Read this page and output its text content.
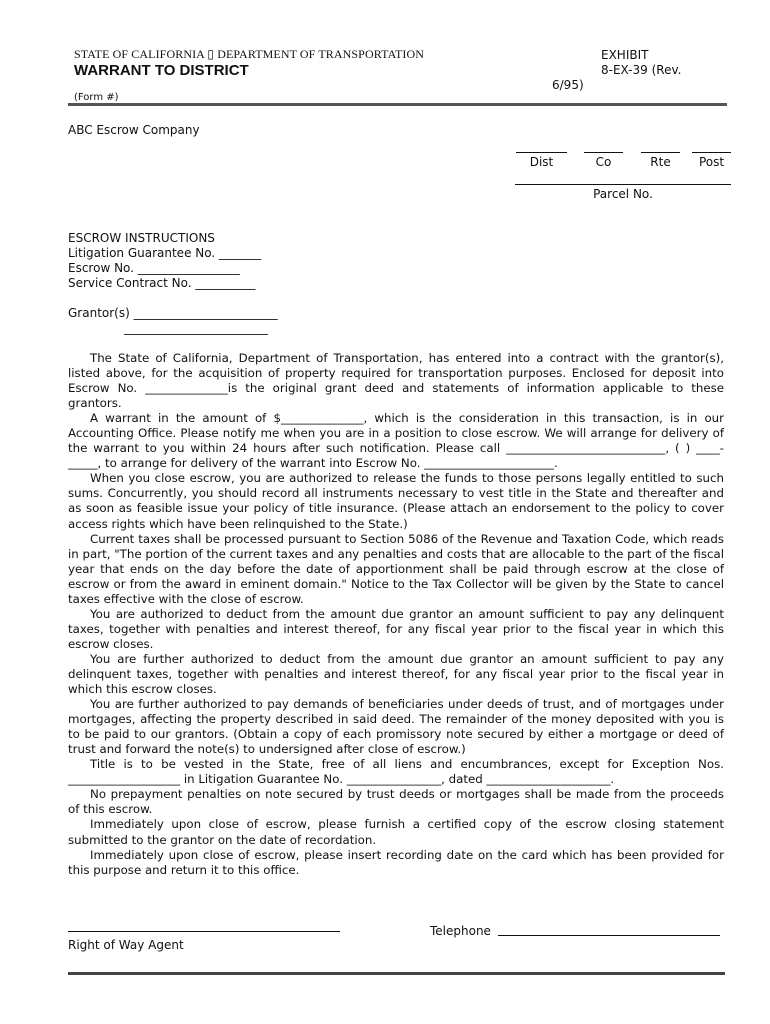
STATE OF CALIFORNIA ▯ DEPARTMENT OF TRANSPORTATION
WARRANT TO DISTRICT
EXHIBIT
8-EX-39 (Rev.
6/95)
(Form #)
ABC Escrow Company
Dist	Co	Rte	Post
Parcel No.
ESCROW INSTRUCTIONS
Litigation Guarantee No. _______
Escrow No. _________________
Service Contract No. __________
Grantor(s) ________________________
________________________

The State of California, Department of Transportation, has entered into a contract with the grantor(s), listed above, for the acquisition of property required for transportation purposes. Enclosed for deposit into Escrow No. ______________is the original grant deed and statements of information applicable to these grantors.

A warrant in the amount of $______________, which is the consideration in this transaction, is in our Accounting Office. Please notify me when you are in a position to close escrow. We will arrange for delivery of the warrant to you within 24 hours after such notification. Please call ___________________________, ( ) ____-_____, to arrange for delivery of the warrant into Escrow No. ______________________.

When you close escrow, you are authorized to release the funds to those persons legally entitled to such sums. Concurrently, you should record all instruments necessary to vest title in the State and thereafter and as soon as feasible issue your policy of title insurance. (Please attach an endorsement to the policy to cover access rights which have been relinquished to the State.)

Current taxes shall be processed pursuant to Section 5086 of the Revenue and Taxation Code, which reads in part, "The portion of the current taxes and any penalties and costs that are allocable to the part of the fiscal year that ends on the day before the date of apportionment shall be paid through escrow at the close of escrow or from the award in eminent domain." Notice to the Tax Collector will be given by the State to cancel taxes effective with the close of escrow.

You are authorized to deduct from the amount due grantor an amount sufficient to pay any delinquent taxes, together with penalties and interest thereof, for any fiscal year prior to the fiscal year in which this escrow closes.

You are further authorized to deduct from the amount due grantor an amount sufficient to pay any delinquent taxes, together with penalties and interest thereof, for any fiscal year prior to the fiscal year in which this escrow closes.

You are further authorized to pay demands of beneficiaries under deeds of trust, and of mortgages under mortgages, affecting the property described in said deed. The remainder of the money deposited with you is to be paid to our grantors. (Obtain a copy of each promissory note secured by either a mortgage or deed of trust and forward the note(s) to undersigned after close of escrow.)

Title is to be vested in the State, free of all liens and encumbrances, except for Exception Nos. ___________________ in Litigation Guarantee No. ________________, dated _____________________.

No prepayment penalties on note secured by trust deeds or mortgages shall be made from the proceeds of this escrow.

Immediately upon close of escrow, please furnish a certified copy of the escrow closing statement submitted to the grantor on the date of recordation.

Immediately upon close of escrow, please insert recording date on the card which has been provided for this purpose and return it to this office.

Right of Way Agent
Telephone
